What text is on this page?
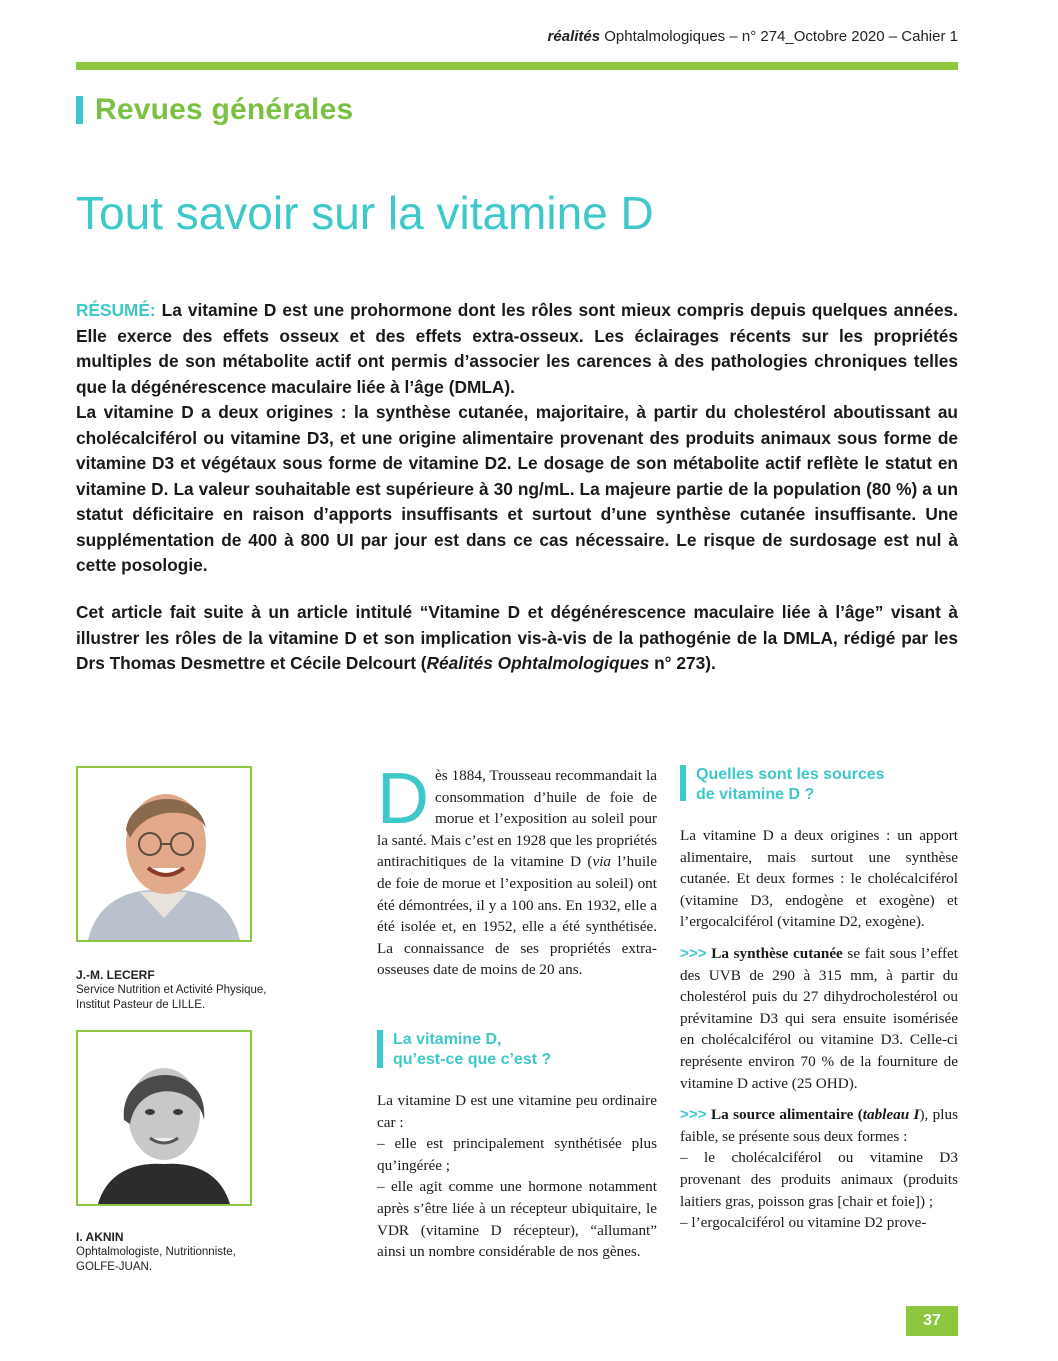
réalités Ophtalmologiques – n° 274_Octobre 2020 – Cahier 1
Revues générales
Tout savoir sur la vitamine D

RÉSUMÉ: La vitamine D est une prohormone dont les rôles sont mieux compris depuis quelques années. Elle exerce des effets osseux et des effets extra-osseux. Les éclairages récents sur les propriétés multiples de son métabolite actif ont permis d’associer les carences à des pathologies chroniques telles que la dégénérescence maculaire liée à l’âge (DMLA).

La vitamine D a deux origines : la synthèse cutanée, majoritaire, à partir du cholestérol aboutissant au cholécalciférol ou vitamine D3, et une origine alimentaire provenant des produits animaux sous forme de vitamine D3 et végétaux sous forme de vitamine D2. Le dosage de son métabolite actif reflète le statut en vitamine D. La valeur souhaitable est supérieure à 30 ng/mL. La majeure partie de la population (80 %) a un statut déficitaire en raison d’apports insuffisants et surtout d’une synthèse cutanée insuffisante. Une supplémentation de 400 à 800 UI par jour est dans ce cas nécessaire. Le risque de surdosage est nul à cette posologie.

Cet article fait suite à un article intitulé “Vitamine D et dégénérescence maculaire liée à l’âge” visant à illustrer les rôles de la vitamine D et son implication vis-à-vis de la pathogénie de la DMLA, rédigé par les Drs Thomas Desmettre et Cécile Delcourt (Réalités Ophtalmologiques n° 273).
J.-M. LECERF
Service Nutrition et Activité Physique,
Institut Pasteur de LILLE.
I. AKNIN
Ophtalmologiste, Nutritionniste,
GOLFE-JUAN.

Dès 1884, Trousseau recommandait la consommation d’huile de foie de morue et l’exposition au soleil pour la santé. Mais c’est en 1928 que les propriétés antirachitiques de la vitamine D (via l’huile de foie de morue et l’exposition au soleil) ont été démontrées, il y a 100 ans. En 1932, elle a été isolée et, en 1952, elle a été synthétisée. La connaissance de ses propriétés extra-osseuses date de moins de 20 ans.

La vitamine D,
qu’est-ce que c’est ?

La vitamine D est une vitamine peu ordinaire car :

– elle est principalement synthétisée plus qu’ingérée ;

– elle agit comme une hormone notamment après s’être liée à un récepteur ubiquitaire, le VDR (vitamine D récepteur), “allumant” ainsi un nombre considérable de nos gènes.

Quelles sont les sources
de vitamine D ?

La vitamine D a deux origines : un apport alimentaire, mais surtout une synthèse cutanée. Et deux formes : le cholécalciférol (vitamine D3, endogène et exogène) et l’ergocalciférol (vitamine D2, exogène).

>>> La synthèse cutanée se fait sous l’effet des UVB de 290 à 315 mm, à partir du cholestérol puis du 27 dihydrocholestérol ou prévitamine D3 qui sera ensuite isomérisée en cholécalciférol ou vitamine D3. Celle-ci représente environ 70 % de la fourniture de vitamine D active (25 OHD).

>>> La source alimentaire (tableau I), plus faible, se présente sous deux formes :

– le cholécalciférol ou vitamine D3 provenant des produits animaux (produits laitiers gras, poisson gras [chair et foie]) ;

– l’ergocalciférol ou vitamine D2 prove-

37
